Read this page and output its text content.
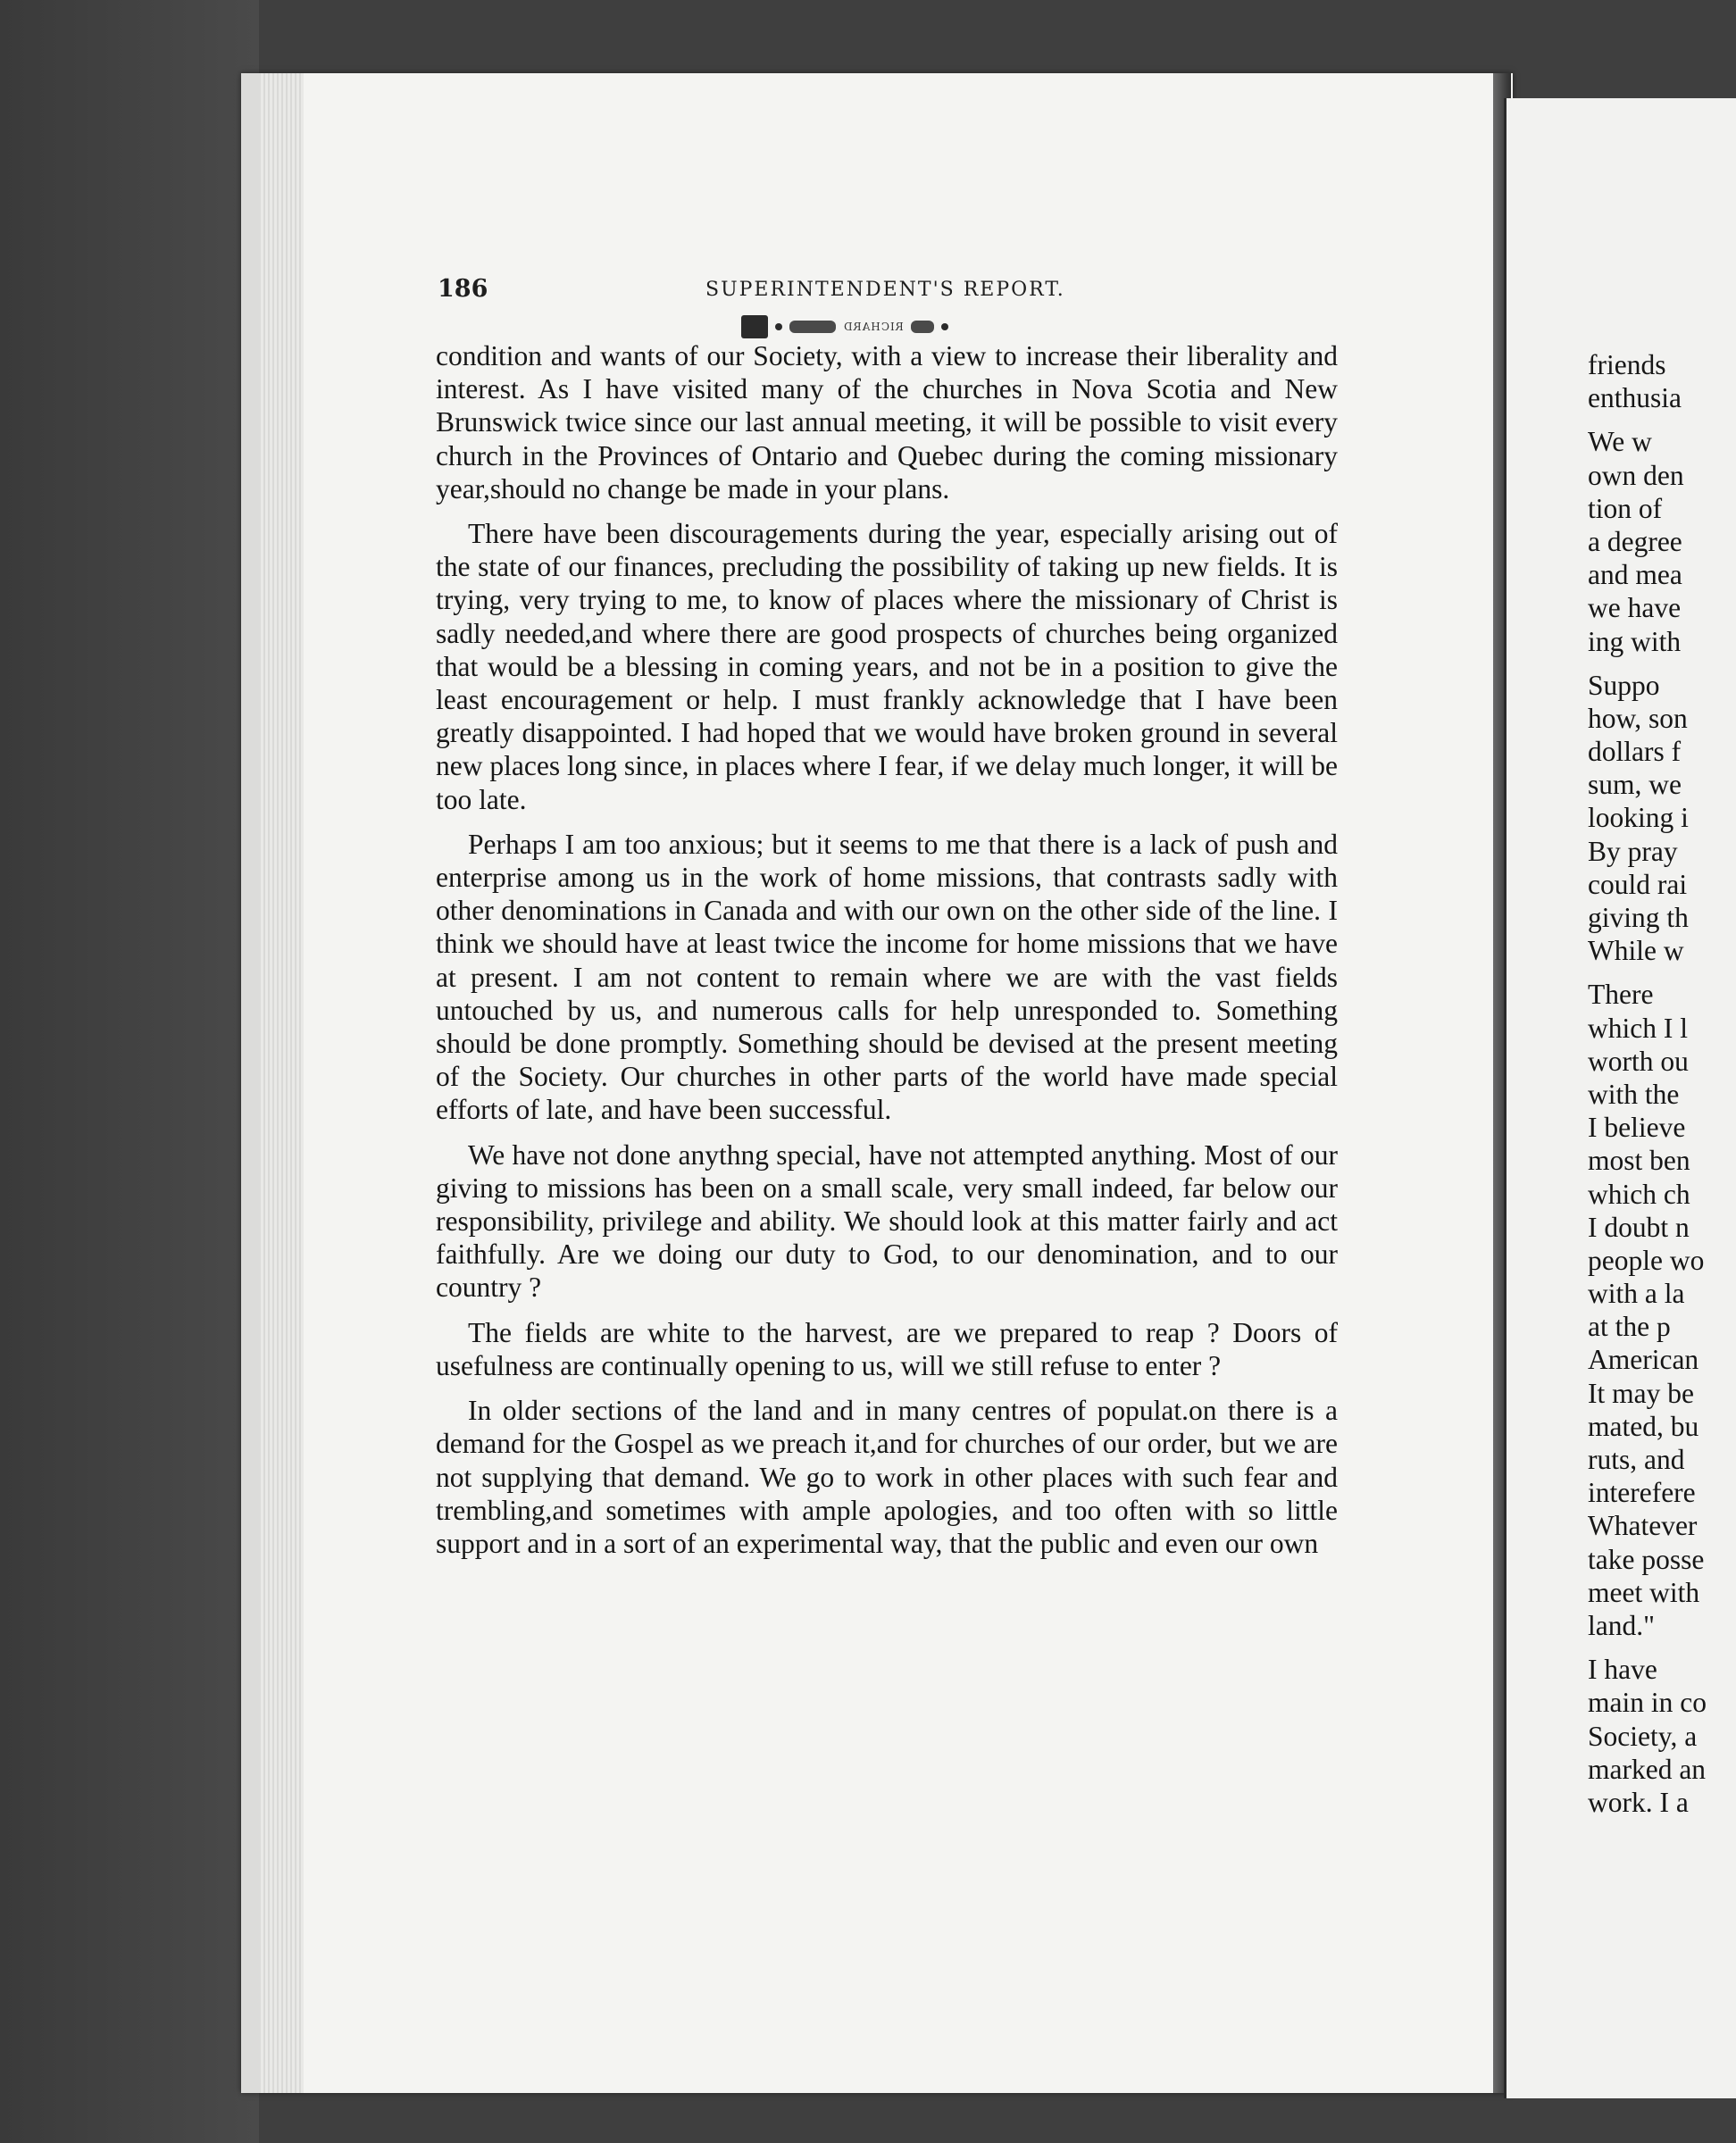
186	SUPERINTENDENT'S REPORT.
RICHARD

condition and wants of our Society, with a view to increase their liberality and interest. As I have visited many of the churches in Nova Scotia and New Brunswick twice since our last annual meeting, it will be possible to visit every church in the Provinces of Ontario and Quebec during the coming missionary year,should no change be made in your plans.

There have been discouragements during the year, especially arising out of the state of our finances, precluding the possibility of taking up new fields. It is trying, very trying to me, to know of places where the missionary of Christ is sadly needed,and where there are good prospects of churches being organized that would be a blessing in coming years, and not be in a position to give the least encouragement or help. I must frankly acknowledge that I have been greatly disappointed. I had hoped that we would have broken ground in several new places long since, in places where I fear, if we delay much longer, it will be too late.

Perhaps I am too anxious; but it seems to me that there is a lack of push and enterprise among us in the work of home missions, that contrasts sadly with other denominations in Canada and with our own on the other side of the line. I think we should have at least twice the income for home missions that we have at present. I am not content to remain where we are with the vast fields untouched by us, and numerous calls for help unresponded to. Something should be done promptly. Something should be devised at the present meeting of the Society. Our churches in other parts of the world have made special efforts of late, and have been successful.

We have not done anythng special, have not attempted anything. Most of our giving to missions has been on a small scale, very small indeed, far below our responsibility, privilege and ability. We should look at this matter fairly and act faithfully. Are we doing our duty to God, to our denomination, and to our country ?

The fields are white to the harvest, are we prepared to reap ? Doors of usefulness are continually opening to us, will we still refuse to enter ?

In older sections of the land and in many centres of populat.on there is a demand for the Gospel as we preach it,and for churches of our order, but we are not supplying that demand. We go to work in other places with such fear and trembling,and sometimes with ample apologies, and too often with so little support and in a sort of an experimental way, that the public and even our own

friends
enthusia
We w
own den
tion of
a degree
and mea
we have
ing with
Suppo
how, son
dollars f
sum, we
looking i
By pray
could rai
giving th
While w
There
which I l
worth ou
with the
I believe
most ben
which ch
I doubt n
people wo
with a la
at the p
American
It may be
mated, bu
ruts, and
interefere
Whatever
take posse
meet with
land."
I have
main in co
Society, a
marked an
work. I a
